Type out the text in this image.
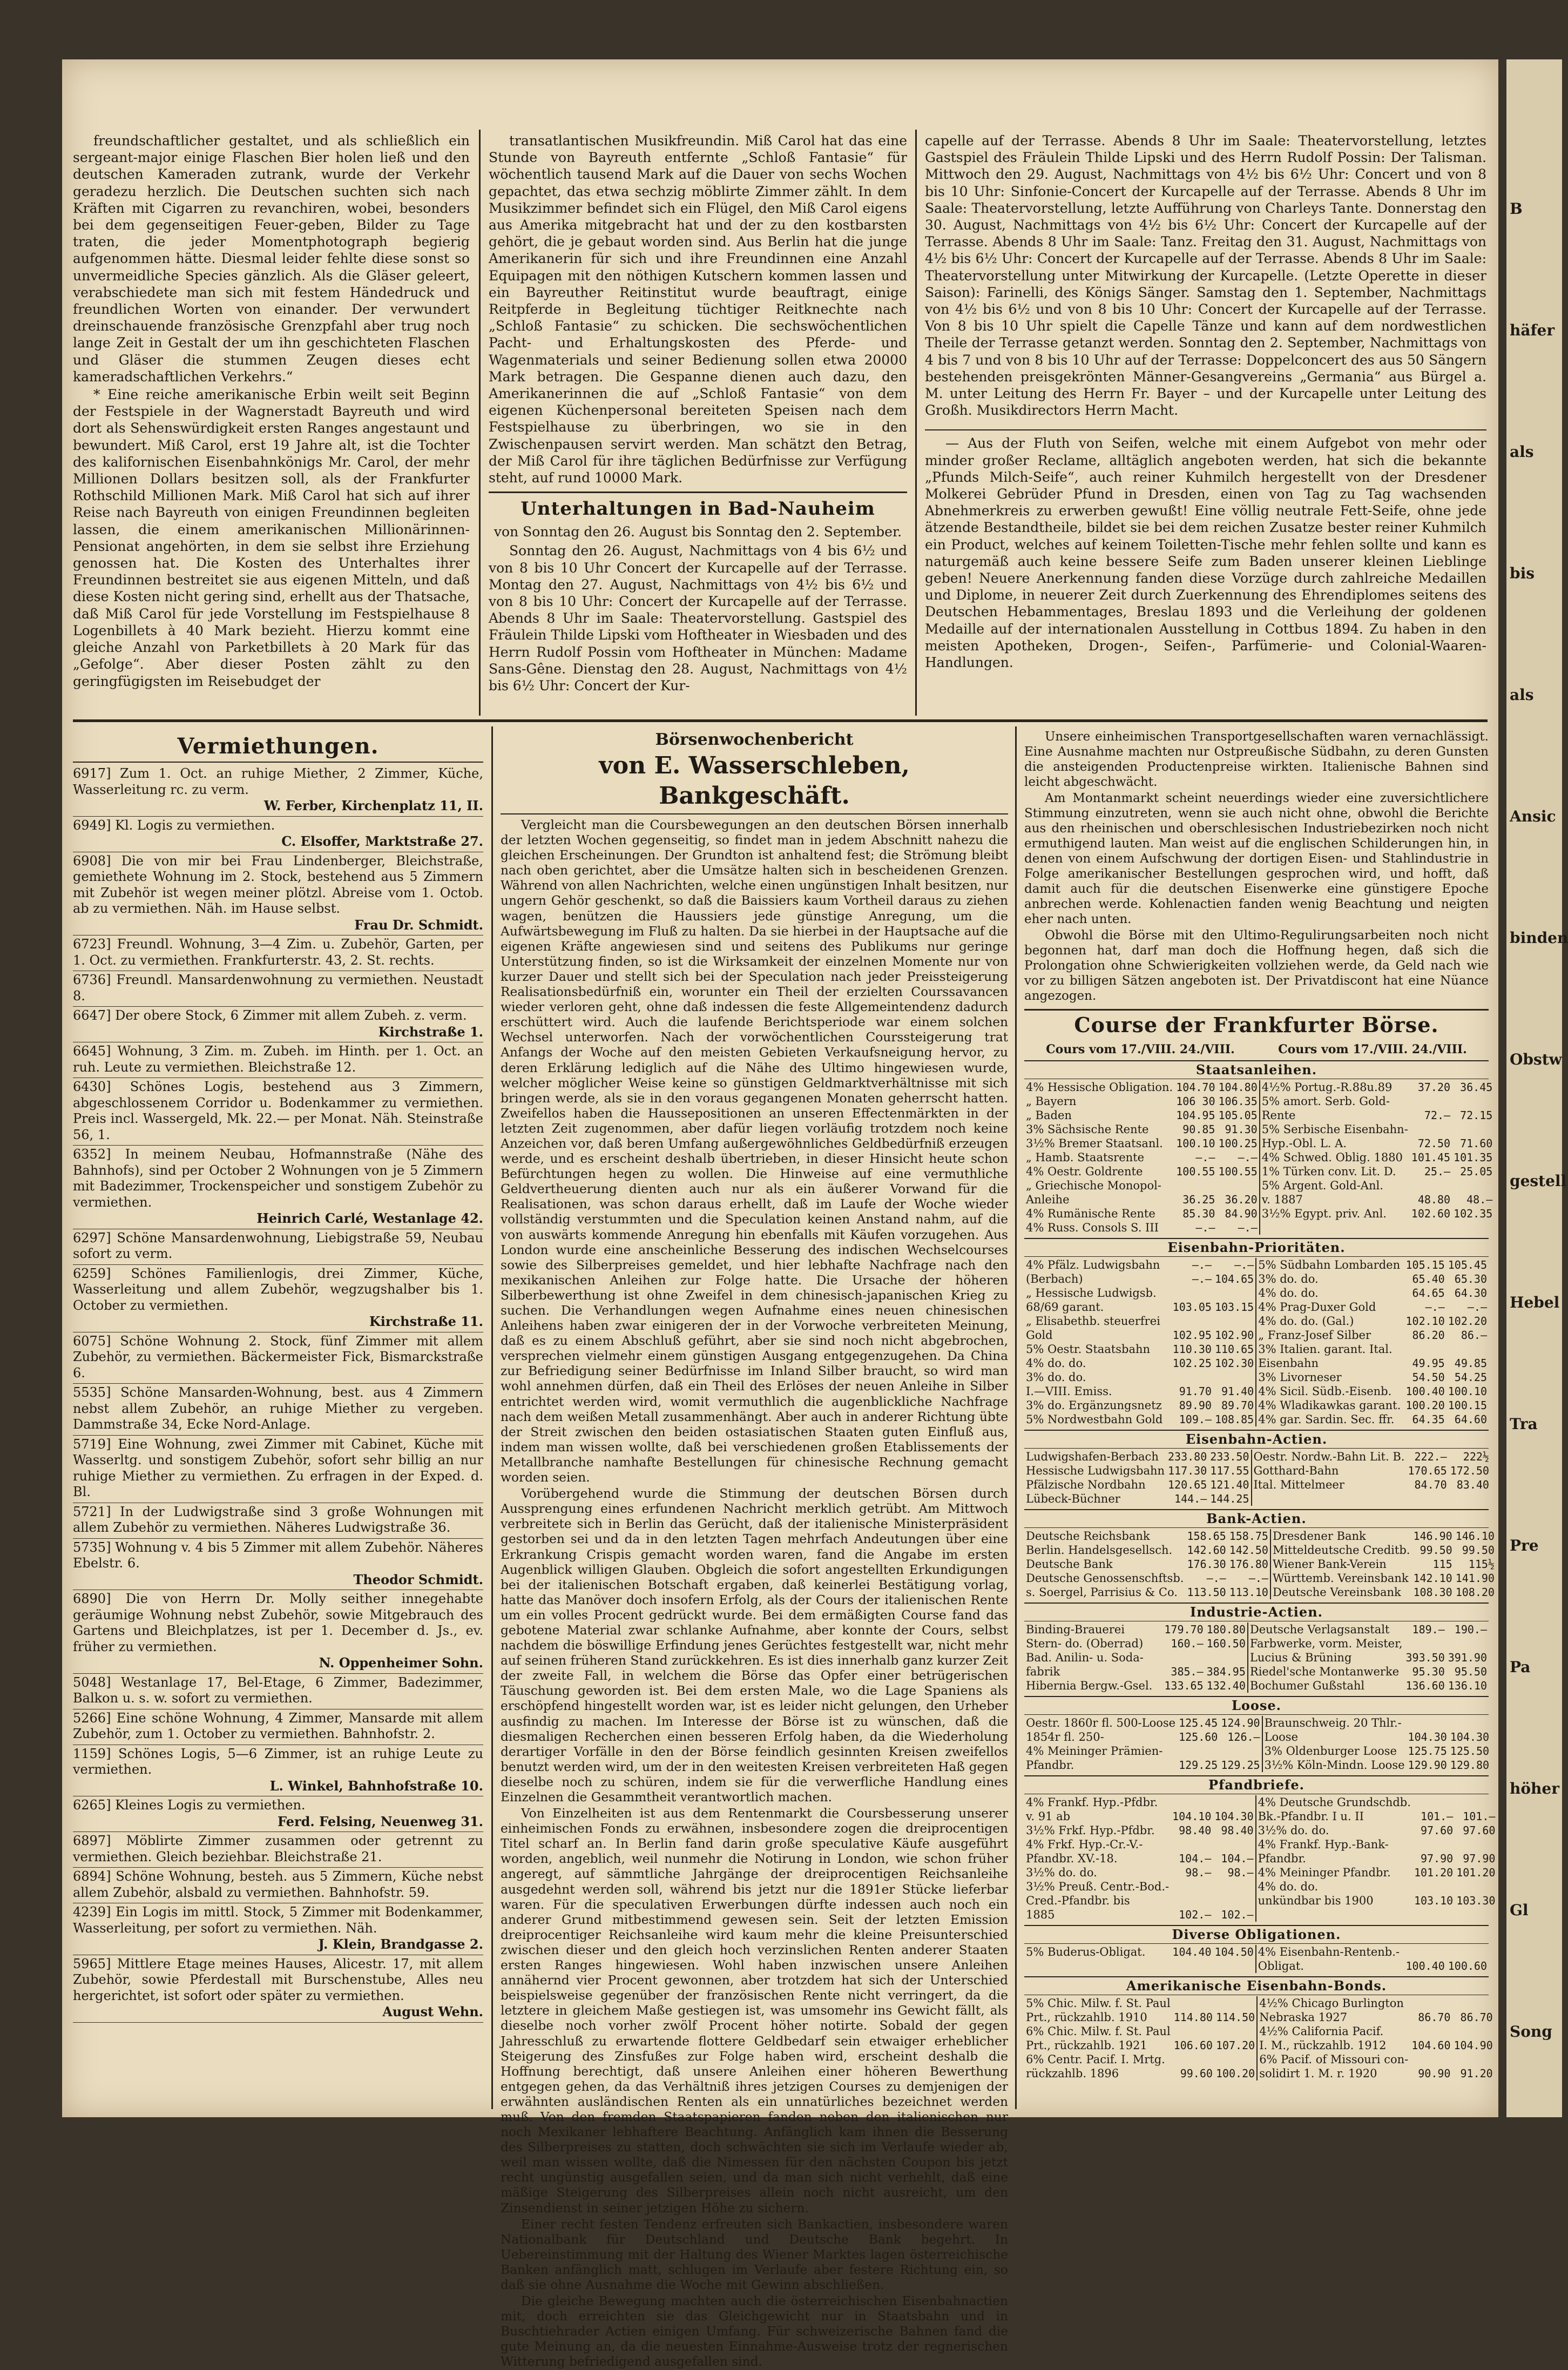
freundschaftlicher gestaltet, und als schließlich ein sergeant-major einige Flaschen Bier holen ließ und den deutschen Kameraden zutrank, wurde der Verkehr geradezu herzlich. Die Deutschen suchten sich nach Kräften mit Cigarren zu revanchiren, wobei, besonders bei dem gegenseitigen Feuer-geben, Bilder zu Tage traten, die jeder Momentphotograph begierig aufgenommen hätte. Diesmal leider fehlte diese sonst so unvermeidliche Species gänzlich. Als die Gläser geleert, verabschiedete man sich mit festem Händedruck und freundlichen Worten von einander. Der verwundert dreinschauende französische Grenzpfahl aber trug noch lange Zeit in Gestalt der um ihn geschichteten Flaschen und Gläser die stummen Zeugen dieses echt kameradschaftlichen Verkehrs.“

* Eine reiche amerikanische Erbin weilt seit Beginn der Festspiele in der Wagnerstadt Bayreuth und wird dort als Sehenswürdigkeit ersten Ranges angestaunt und bewundert. Miß Carol, erst 19 Jahre alt, ist die Tochter des kalifornischen Eisenbahnkönigs Mr. Carol, der mehr Millionen Dollars besitzen soll, als der Frankfurter Rothschild Millionen Mark. Miß Carol hat sich auf ihrer Reise nach Bayreuth von einigen Freundinnen begleiten lassen, die einem amerikanischen Millionärinnen-Pensionat angehörten, in dem sie selbst ihre Erziehung genossen hat. Die Kosten des Unterhaltes ihrer Freundinnen bestreitet sie aus eigenen Mitteln, und daß diese Kosten nicht gering sind, erhellt aus der Thatsache, daß Miß Carol für jede Vorstellung im Festspielhause 8 Logenbillets à 40 Mark bezieht. Hierzu kommt eine gleiche Anzahl von Parketbillets à 20 Mark für das „Gefolge“. Aber dieser Posten zählt zu den geringfügigsten im Reisebudget der

transatlantischen Musikfreundin. Miß Carol hat das eine Stunde von Bayreuth entfernte „Schloß Fantasie“ für wöchentlich tausend Mark auf die Dauer von sechs Wochen gepachtet, das etwa sechzig möblirte Zimmer zählt. In dem Musikzimmer befindet sich ein Flügel, den Miß Carol eigens aus Amerika mitgebracht hat und der zu den kostbarsten gehört, die je gebaut worden sind. Aus Berlin hat die junge Amerikanerin für sich und ihre Freundinnen eine Anzahl Equipagen mit den nöthigen Kutschern kommen lassen und ein Bayreuther Reitinstitut wurde beauftragt, einige Reitpferde in Begleitung tüchtiger Reitknechte nach „Schloß Fantasie“ zu schicken. Die sechswöchentlichen Pacht- und Erhaltungskosten des Pferde- und Wagenmaterials und seiner Bedienung sollen etwa 20000 Mark betragen. Die Gespanne dienen auch dazu, den Amerikanerinnen die auf „Schloß Fantasie“ von dem eigenen Küchenpersonal bereiteten Speisen nach dem Festspielhause zu überbringen, wo sie in den Zwischenpausen servirt werden. Man schätzt den Betrag, der Miß Carol für ihre täglichen Bedürfnisse zur Verfügung steht, auf rund 10000 Mark.

Unterhaltungen in Bad-Nauheim
von Sonntag den 26. August bis Sonntag den 2. September.

Sonntag den 26. August, Nachmittags von 4 bis 6½ und von 8 bis 10 Uhr Concert der Kurcapelle auf der Terrasse. Montag den 27. August, Nachmittags von 4½ bis 6½ und von 8 bis 10 Uhr: Concert der Kurcapelle auf der Terrasse. Abends 8 Uhr im Saale: Theatervorstellung. Gastspiel des Fräulein Thilde Lipski vom Hoftheater in Wiesbaden und des Herrn Rudolf Possin vom Hoftheater in München: Madame Sans-Gêne. Dienstag den 28. August, Nachmittags von 4½ bis 6½ Uhr: Concert der Kur-

capelle auf der Terrasse. Abends 8 Uhr im Saale: Theatervorstellung, letztes Gastspiel des Fräulein Thilde Lipski und des Herrn Rudolf Possin: Der Talisman. Mittwoch den 29. August, Nachmittags von 4½ bis 6½ Uhr: Concert und von 8 bis 10 Uhr: Sinfonie-Concert der Kurcapelle auf der Terrasse. Abends 8 Uhr im Saale: Theatervorstellung, letzte Aufführung von Charleys Tante. Donnerstag den 30. August, Nachmittags von 4½ bis 6½ Uhr: Concert der Kurcapelle auf der Terrasse. Abends 8 Uhr im Saale: Tanz. Freitag den 31. August, Nachmittags von 4½ bis 6½ Uhr: Concert der Kurcapelle auf der Terrasse. Abends 8 Uhr im Saale: Theatervorstellung unter Mitwirkung der Kurcapelle. (Letzte Operette in dieser Saison): Farinelli, des Königs Sänger. Samstag den 1. September, Nachmittags von 4½ bis 6½ und von 8 bis 10 Uhr: Concert der Kurcapelle auf der Terrasse. Von 8 bis 10 Uhr spielt die Capelle Tänze und kann auf dem nordwestlichen Theile der Terrasse getanzt werden. Sonntag den 2. September, Nachmittags von 4 bis 7 und von 8 bis 10 Uhr auf der Terrasse: Doppelconcert des aus 50 Sängern bestehenden preisgekrönten Männer-Gesangvereins „Germania“ aus Bürgel a. M. unter Leitung des Herrn Fr. Bayer – und der Kurcapelle unter Leitung des Großh. Musikdirectors Herrn Macht.

— Aus der Fluth von Seifen, welche mit einem Aufgebot von mehr oder minder großer Reclame, alltäglich angeboten werden, hat sich die bekannte „Pfunds Milch-Seife“, auch reiner Kuhmilch hergestellt von der Dresdener Molkerei Gebrüder Pfund in Dresden, einen von Tag zu Tag wachsenden Abnehmerkreis zu erwerben gewußt! Eine völlig neutrale Fett-Seife, ohne jede ätzende Bestandtheile, bildet sie bei dem reichen Zusatze bester reiner Kuhmilch ein Product, welches auf keinem Toiletten-Tische mehr fehlen sollte und kann es naturgemäß auch keine bessere Seife zum Baden unserer kleinen Lieblinge geben! Neuere Anerkennung fanden diese Vorzüge durch zahlreiche Medaillen und Diplome, in neuerer Zeit durch Zuerkennung des Ehrendiplomes seitens des Deutschen Hebammentages, Breslau 1893 und die Verleihung der goldenen Medaille auf der internationalen Ausstellung in Cottbus 1894. Zu haben in den meisten Apotheken, Drogen-, Seifen-, Parfümerie- und Colonial-Waaren-Handlungen.

Vermiethungen.
6917] Zum 1. Oct. an ruhige Miether, 2 Zimmer, Küche, Wasserleitung rc. zu verm.
W. Ferber, Kirchenplatz 11, II.
6949] Kl. Logis zu vermiethen.
C. Elsoffer, Marktstraße 27.
6908] Die von mir bei Frau Lindenberger, Bleichstraße, gemiethete Wohnung im 2. Stock, bestehend aus 5 Zimmern mit Zubehör ist wegen meiner plötzl. Abreise vom 1. Octob. ab zu vermiethen. Näh. im Hause selbst.
Frau Dr. Schmidt.
6723] Freundl. Wohnung, 3—4 Zim. u. Zubehör, Garten, per 1. Oct. zu vermiethen. Frankfurterstr. 43, 2. St. rechts.
6736] Freundl. Mansardenwohnung zu vermiethen. Neustadt 8.
6647] Der obere Stock, 6 Zimmer mit allem Zubeh. z. verm.
Kirchstraße 1.
6645] Wohnung, 3 Zim. m. Zubeh. im Hinth. per 1. Oct. an ruh. Leute zu vermiethen. Bleichstraße 12.
6430] Schönes Logis, bestehend aus 3 Zimmern, abgeschlossenem Corridor u. Bodenkammer zu vermiethen. Preis incl. Wassergeld, Mk. 22.— per Monat. Näh. Steinstraße 56, 1.
6352] In meinem Neubau, Hofmannstraße (Nähe des Bahnhofs), sind per October 2 Wohnungen von je 5 Zimmern mit Badezimmer, Trockenspeicher und sonstigem Zubehör zu vermiethen.
Heinrich Carlé, Westanlage 42.
6297] Schöne Mansardenwohnung, Liebigstraße 59, Neubau sofort zu verm.
6259] Schönes Familienlogis, drei Zimmer, Küche, Wasserleitung und allem Zubehör, wegzugshalber bis 1. October zu vermiethen.
Kirchstraße 11.
6075] Schöne Wohnung 2. Stock, fünf Zimmer mit allem Zubehör, zu vermiethen. Bäckermeister Fick, Bismarckstraße 6.
5535] Schöne Mansarden-Wohnung, best. aus 4 Zimmern nebst allem Zubehör, an ruhige Miether zu vergeben. Dammstraße 34, Ecke Nord-Anlage.
5719] Eine Wohnung, zwei Zimmer mit Cabinet, Küche mit Wasserltg. und sonstigem Zubehör, sofort sehr billig an nur ruhige Miether zu vermiethen. Zu erfragen in der Exped. d. Bl.
5721] In der Ludwigstraße sind 3 große Wohnungen mit allem Zubehör zu vermiethen. Näheres Ludwigstraße 36.
5735] Wohnung v. 4 bis 5 Zimmer mit allem Zubehör. Näheres Ebelstr. 6.
Theodor Schmidt.
6890] Die von Herrn Dr. Molly seither innegehabte geräumige Wohnung nebst Zubehör, sowie Mitgebrauch des Gartens und Bleichplatzes, ist per 1. December d. Js., ev. früher zu vermiethen.
N. Oppenheimer Sohn.
5048] Westanlage 17, Bel-Etage, 6 Zimmer, Badezimmer, Balkon u. s. w. sofort zu vermiethen.
5266] Eine schöne Wohnung, 4 Zimmer, Mansarde mit allem Zubehör, zum 1. October zu vermiethen. Bahnhofstr. 2.
1159] Schönes Logis, 5—6 Zimmer, ist an ruhige Leute zu vermiethen.
L. Winkel, Bahnhofstraße 10.
6265] Kleines Logis zu vermiethen.
Ferd. Felsing, Neuenweg 31.
6897] Möblirte Zimmer zusammen oder getrennt zu vermiethen. Gleich beziehbar. Bleichstraße 21.
6894] Schöne Wohnung, besteh. aus 5 Zimmern, Küche nebst allem Zubehör, alsbald zu vermiethen. Bahnhofstr. 59.
4239] Ein Logis im mittl. Stock, 5 Zimmer mit Bodenkammer, Wasserleitung, per sofort zu vermiethen. Näh.
J. Klein, Brandgasse 2.
5965] Mittlere Etage meines Hauses, Alicestr. 17, mit allem Zubehör, sowie Pferdestall mit Burschenstube, Alles neu hergerichtet, ist sofort oder später zu vermiethen.
August Wehn.
Börsenwochenbericht
von E. Wasserschleben, Bankgeschäft.

Vergleicht man die Coursbewegungen an den deutschen Börsen innerhalb der letzten Wochen gegenseitig, so findet man in jedem Abschnitt nahezu die gleichen Erscheinungen. Der Grundton ist anhaltend fest; die Strömung bleibt nach oben gerichtet, aber die Umsätze halten sich in bescheidenen Grenzen. Während von allen Nachrichten, welche einen ungünstigen Inhalt besitzen, nur ungern Gehör geschenkt, so daß die Baissiers kaum Vortheil daraus zu ziehen wagen, benützen die Haussiers jede günstige Anregung, um die Aufwärtsbewegung im Fluß zu halten. Da sie hierbei in der Hauptsache auf die eigenen Kräfte angewiesen sind und seitens des Publikums nur geringe Unterstützung finden, so ist die Wirksamkeit der einzelnen Momente nur von kurzer Dauer und stellt sich bei der Speculation nach jeder Preissteigerung Realisationsbedürfniß ein, worunter ein Theil der erzielten Courssavancen wieder verloren geht, ohne daß indessen die feste Allgemeintendenz dadurch erschüttert wird. Auch die laufende Berichtsperiode war einem solchen Wechsel unterworfen. Nach der vorwöchentlichen Courssteigerung trat Anfangs der Woche auf den meisten Gebieten Verkaufsneigung hervor, zu deren Erklärung lediglich auf die Nähe des Ultimo hingewiesen wurde, welcher möglicher Weise keine so günstigen Geldmarktverhältnisse mit sich bringen werde, als sie in den voraus gegangenen Monaten geherrscht hatten. Zweifellos haben die Haussepositionen an unseren Effectenmärkten in der letzten Zeit zugenommen, aber dafür liegen vorläufig trotzdem noch keine Anzeichen vor, daß beren Umfang außergewöhnliches Geldbedürfniß erzeugen werde, und es erscheint deshalb übertrieben, in dieser Hinsicht heute schon Befürchtungen hegen zu wollen. Die Hinweise auf eine vermuthliche Geldvertheuerung dienten auch nur als ein äußerer Vorwand für die Realisationen, was schon daraus erhellt, daß im Laufe der Woche wieder vollständig verstummten und die Speculation keinen Anstand nahm, auf die von auswärts kommende Anregung hin ebenfalls mit Käufen vorzugehen. Aus London wurde eine anscheinliche Besserung des indischen Wechselcourses sowie des Silberpreises gemeldet, und hier lebhafte Nachfrage nach den mexikanischen Anleihen zur Folge hatte. Die Ursache der höheren Silberbewerthung ist ohne Zweifel in dem chinesisch-japanischen Krieg zu suchen. Die Verhandlungen wegen Aufnahme eines neuen chinesischen Anleihens haben zwar einigeren der in der Vorwoche verbreiteten Meinung, daß es zu einem Abschluß geführt, aber sie sind noch nicht abgebrochen, versprechen vielmehr einem günstigen Ausgang entgegenzugehen. Da China zur Befriedigung seiner Bedürfnisse im Inland Silber braucht, so wird man wohl annehmen dürfen, daß ein Theil des Erlöses der neuen Anleihe in Silber entrichtet werden wird, womit vermuthlich die augenblickliche Nachfrage nach dem weißen Metall zusammenhängt. Aber auch in anderer Richtung übte der Streit zwischen den beiden ostasiatischen Staaten guten Einfluß aus, indem man wissen wollte, daß bei verschiedenen großen Etablissements der Metallbranche namhafte Bestellungen für chinesische Rechnung gemacht worden seien.

Vorübergehend wurde die Stimmung der deutschen Börsen durch Aussprengung eines erfundenen Nachricht merklich getrübt. Am Mittwoch verbreitete sich in Berlin das Gerücht, daß der italienische Ministerpräsident gestorben sei und da in den letzten Tagen mehrfach Andeutungen über eine Erkrankung Crispis gemacht worden waren, fand die Angabe im ersten Augenblick willigen Glauben. Obgleich die sofort angestellten Erkundigungen bei der italienischen Botschaft ergaben, daß keinerlei Bestätigung vorlag, hatte das Manöver doch insofern Erfolg, als der Cours der italienischen Rente um ein volles Procent gedrückt wurde. Bei dem ermäßigten Course fand das gebotene Material zwar schlanke Aufnahme, aber konnte der Cours, selbst nachdem die böswillige Erfindung jenes Gerüchtes festgestellt war, nicht mehr auf seinen früheren Stand zurückkehren. Es ist dies innerhalb ganz kurzer Zeit der zweite Fall, in welchem die Börse das Opfer einer betrügerischen Täuschung geworden ist. Bei dem ersten Male, wo die Lage Spaniens als erschöpfend hingestellt worden war, ist es leider nicht gelungen, den Urheber ausfindig zu machen. Im Interesse der Börse ist zu wünschen, daß die diesmaligen Recherchen einen besseren Erfolg haben, da die Wiederholung derartiger Vorfälle in den der Börse feindlich gesinnten Kreisen zweifellos benutzt werden wird, um der in den weitesten Kreisen verbreiteten Haß gegen dieselbe noch zu schüren, indem sie für die verwerfliche Handlung eines Einzelnen die Gesammtheit verantwortlich machen.

Von Einzelheiten ist aus dem Rentenmarkt die Coursbesserung unserer einheimischen Fonds zu erwähnen, insbesondere zogen die dreiprocentigen Titel scharf an. In Berlin fand darin große speculative Käufe ausgeführt worden, angeblich, weil nunmehr die Notirung in London, wie schon früher angeregt, auf sämmtliche Jahrgänge der dreiprocentigen Reichsanleihe ausgedehnt werden soll, während bis jetzt nur die 1891er Stücke lieferbar waren. Für die speculativen Erwerbungen dürfte indessen auch noch ein anderer Grund mitbestimmend gewesen sein. Seit der letzten Emission dreiprocentiger Reichsanleihe wird kaum mehr die kleine Preisunterschied zwischen dieser und den gleich hoch verzinslichen Renten anderer Staaten ersten Ranges hingewiesen. Wohl haben inzwischen unsere Anleihen annähernd vier Procent gewonnen, aber trotzdem hat sich der Unterschied beispielsweise gegenüber der französischen Rente nicht verringert, da die letztere in gleichem Maße gestiegen ist, was umsomehr ins Gewicht fällt, als dieselbe noch vorher zwölf Procent höher notirte. Sobald der gegen Jahresschluß zu erwartende flottere Geldbedarf sein etwaiger erheblicher Steigerung des Zinsfußes zur Folge haben wird, erscheint deshalb die Hoffnung berechtigt, daß unsere Anleihen einer höheren Bewerthung entgegen gehen, da das Verhältniß ihres jetzigen Courses zu demjenigen der erwähnten ausländischen Renten als ein unnatürliches bezeichnet werden muß. Von den fremden Staatspapieren fanden neben den italienischen nur noch Mexikaner lebhaftere Beachtung. Anfänglich kam ihnen die Besserung des Silberpreises zu statten, doch schwächten sie sich im Verlaufe wieder ab, weil man wissen wollte, daß die Nimessen für den nächsten Coupon bis jetzt recht ungünstig ausgefallen seien, und da man sich nicht verhehlt, daß eine mäßige Steigerung des Silberpreises allein noch nicht ausreicht, um den Zinsendienst in seiner jetzigen Höhe zu sichern.

Einer recht festen Tendenz erfreuten sich Bankactien, insbesondere waren Nationalbank für Deutschland und Deutsche Bank begehrt. In Uebereinstimmung mit der Haltung des Wiener Marktes lagen österreichische Banken anfänglich matt, schlugen im Verlaufe aber festere Richtung ein, so daß sie ohne Ausnahme die Woche mit Gewinn abschließen.

Die gleiche Bewegung machten auch die österreichischen Eisenbahnactien mit, doch erreichten sie das Gleichgewicht nur in Staatsbahn und in Buschtiehrader Actien einigen Umfang. Für schweizerische Bahnen fand die gute Meinung an, da die neuesten Einnahme-Ausweise trotz der regnerischen Witterung befriedigend ausgefallen sind.

Unsere einheimischen Transportgesellschaften waren vernachlässigt. Eine Ausnahme machten nur Ostpreußische Südbahn, zu deren Gunsten die ansteigenden Productenpreise wirkten. Italienische Bahnen sind leicht abgeschwächt.

Am Montanmarkt scheint neuerdings wieder eine zuversichtlichere Stimmung einzutreten, wenn sie auch nicht ohne, obwohl die Berichte aus den rheinischen und oberschlesischen Industriebezirken noch nicht ermuthigend lauten. Man weist auf die englischen Schilderungen hin, in denen von einem Aufschwung der dortigen Eisen- und Stahlindustrie in Folge amerikanischer Bestellungen gesprochen wird, und hofft, daß damit auch für die deutschen Eisenwerke eine günstigere Epoche anbrechen werde. Kohlenactien fanden wenig Beachtung und neigten eher nach unten.

Obwohl die Börse mit den Ultimo-Regulirungsarbeiten noch nicht begonnen hat, darf man doch die Hoffnung hegen, daß sich die Prolongation ohne Schwierigkeiten vollziehen werde, da Geld nach wie vor zu billigen Sätzen angeboten ist. Der Privatdiscont hat eine Nüance angezogen.

Course der Frankfurter Börse.
Cours vom 17./VIII. 24./VIII.	Cours vom 17./VIII. 24./VIII.
Staatsanleihen.
4% Hessische Obligation.	104.70	104.80	4½% Portug.-R.88u.89	37.20	36.45
„ Bayern	106 30	106.35	5% amort. Serb. Gold-		
„ Baden	104.95	105.05	Rente	72.—	72.15
3% Sächsische Rente	90.85	91.30	5% Serbische Eisenbahn-		
3½% Bremer Staatsanl.	100.10	100.25	Hyp.-Obl. L. A.	72.50	71.60
„ Hamb. Staatsrente	—.—	—.—	4% Schwed. Oblig. 1880	101.45	101.35
4% Oestr. Goldrente	100.55	100.55	1% Türken conv. Lit. D.	25.—	25.05
„ Griechische Monopol-			5% Argent. Gold-Anl.		
Anleihe	36.25	36.20	v. 1887	48.80	48.—
4% Rumänische Rente	85.30	84.90	3½% Egypt. priv. Anl.	102.60	102.35
4% Russ. Consols S. III	—.—	—.—			
Eisenbahn-Prioritäten.
4% Pfälz. Ludwigsbahn	—.—	—.—	5% Südbahn Lombarden	105.15	105.45
(Berbach)	—.—	104.65	3% do. do.	65.40	65.30
„ Hessische Ludwigsb.			4% do. do.	64.65	64.30
68/69 garant.	103.05	103.15	4% Prag-Duxer Gold	—.—	—.—
„ Elisabethb. steuerfrei			4% do. do. (Gal.)	102.10	102.20
Gold	102.95	102.90	„ Franz-Josef Silber	86.20	86.—
5% Oestr. Staatsbahn	110.30	110.65	3% Italien. garant. Ital.		
4% do. do.	102.25	102.30	Eisenbahn	49.95	49.85
3% do. do.			3% Livorneser	54.50	54.25
I.—VIII. Emiss.	91.70	91.40	4% Sicil. Südb.-Eisenb.	100.40	100.10
3% do. Ergänzungsnetz	89.90	89.70	4% Wladikawkas garant.	100.20	100.15
5% Nordwestbahn Gold	109.—	108.85	4% gar. Sardin. Sec. ffr.	64.35	64.60
Eisenbahn-Actien.
Ludwigshafen-Berbach	233.80	233.50	Oestr. Nordw.-Bahn Lit. B.	222.—	222½
Hessische Ludwigsbahn	117.30	117.55	Gotthard-Bahn	170.65	172.50
Pfälzische Nordbahn	120.65	121.40	Ital. Mittelmeer	84.70	83.40
Lübeck-Büchner	144.—	144.25			
Bank-Actien.
Deutsche Reichsbank	158.65	158.75	Dresdener Bank	146.90	146.10
Berlin. Handelsgesellsch.	142.60	142.50	Mitteldeutsche Creditb.	99.50	99.50
Deutsche Bank	176.30	176.80	Wiener Bank-Verein	115	115½
Deutsche Genossenschftsb.	—.—	—.—	Württemb. Vereinsbank	142.10	141.90
s. Soergel, Parrisius & Co.	113.50	113.10	Deutsche Vereinsbank	108.30	108.20
Industrie-Actien.
Binding-Brauerei	179.70	180.80	Deutsche Verlagsanstalt	189.—	190.—
Stern- do. (Oberrad)	160.—	160.50	Farbwerke, vorm. Meister,		
Bad. Anilin- u. Soda-			Lucius & Brüning	393.50	391.90
fabrik	385.—	384.95	Riedel'sche Montanwerke	95.30	95.50
Hibernia Bergw.-Gsel.	133.65	132.40	Bochumer Gußstahl	136.60	136.10
Loose.
Oestr. 1860r fl. 500-Loose	125.45	124.90	Braunschweig. 20 Thlr.-		
1854r fl. 250-	125.60	126.—	Loose	104.30	104.30
4% Meininger Prämien-			3% Oldenburger Loose	125.75	125.50
Pfandbr.	129.25	129.25	3½% Köln-Mindn. Loose	129.90	129.80
Pfandbriefe.
4% Frankf. Hyp.-Pfdbr.			4% Deutsche Grundschdb.		
v. 91 ab	104.10	104.30	Bk.-Pfandbr. I u. II	101.—	101.—
3½% Frkf. Hyp.-Pfdbr.	98.40	98.40	3½% do. do.	97.60	97.60
4% Frkf. Hyp.-Cr.-V.-			4% Frankf. Hyp.-Bank-		
Pfandbr. XV.-18.	104.—	104.—	Pfandbr.	97.90	97.90
3½% do. do.	98.—	98.—	4% Meininger Pfandbr.	101.20	101.20
3½% Preuß. Centr.-Bod.-			4% do. do.		
Cred.-Pfandbr. bis			unkündbar bis 1900	103.10	103.30
1885	102.—	102.—			
Diverse Obligationen.
5% Buderus-Obligat.	104.40	104.50	4% Eisenbahn-Rentenb.-		
			Obligat.	100.40	100.60
Amerikanische Eisenbahn-Bonds.
5% Chic. Milw. f. St. Paul			4½% Chicago Burlington		
Prt., rückzahlb. 1910	114.80	114.50	Nebraska 1927	86.70	86.70
6% Chic. Milw. f. St. Paul			4½% California Pacif.		
Prt., rückzahlb. 1921	106.60	107.20	I. M., rückzahlb. 1912	104.60	104.90
6% Centr. Pacif. I. Mrtg.			6% Pacif. of Missouri con-		
rückzahlb. 1896	99.60	100.20	solidirt 1. M. r. 1920	90.90	91.20
B
häfer
als
bis
als
Ansic
binden
Obstw
gestell
Hebel
Tra
Pre
Pa
höher
Gl
Song
